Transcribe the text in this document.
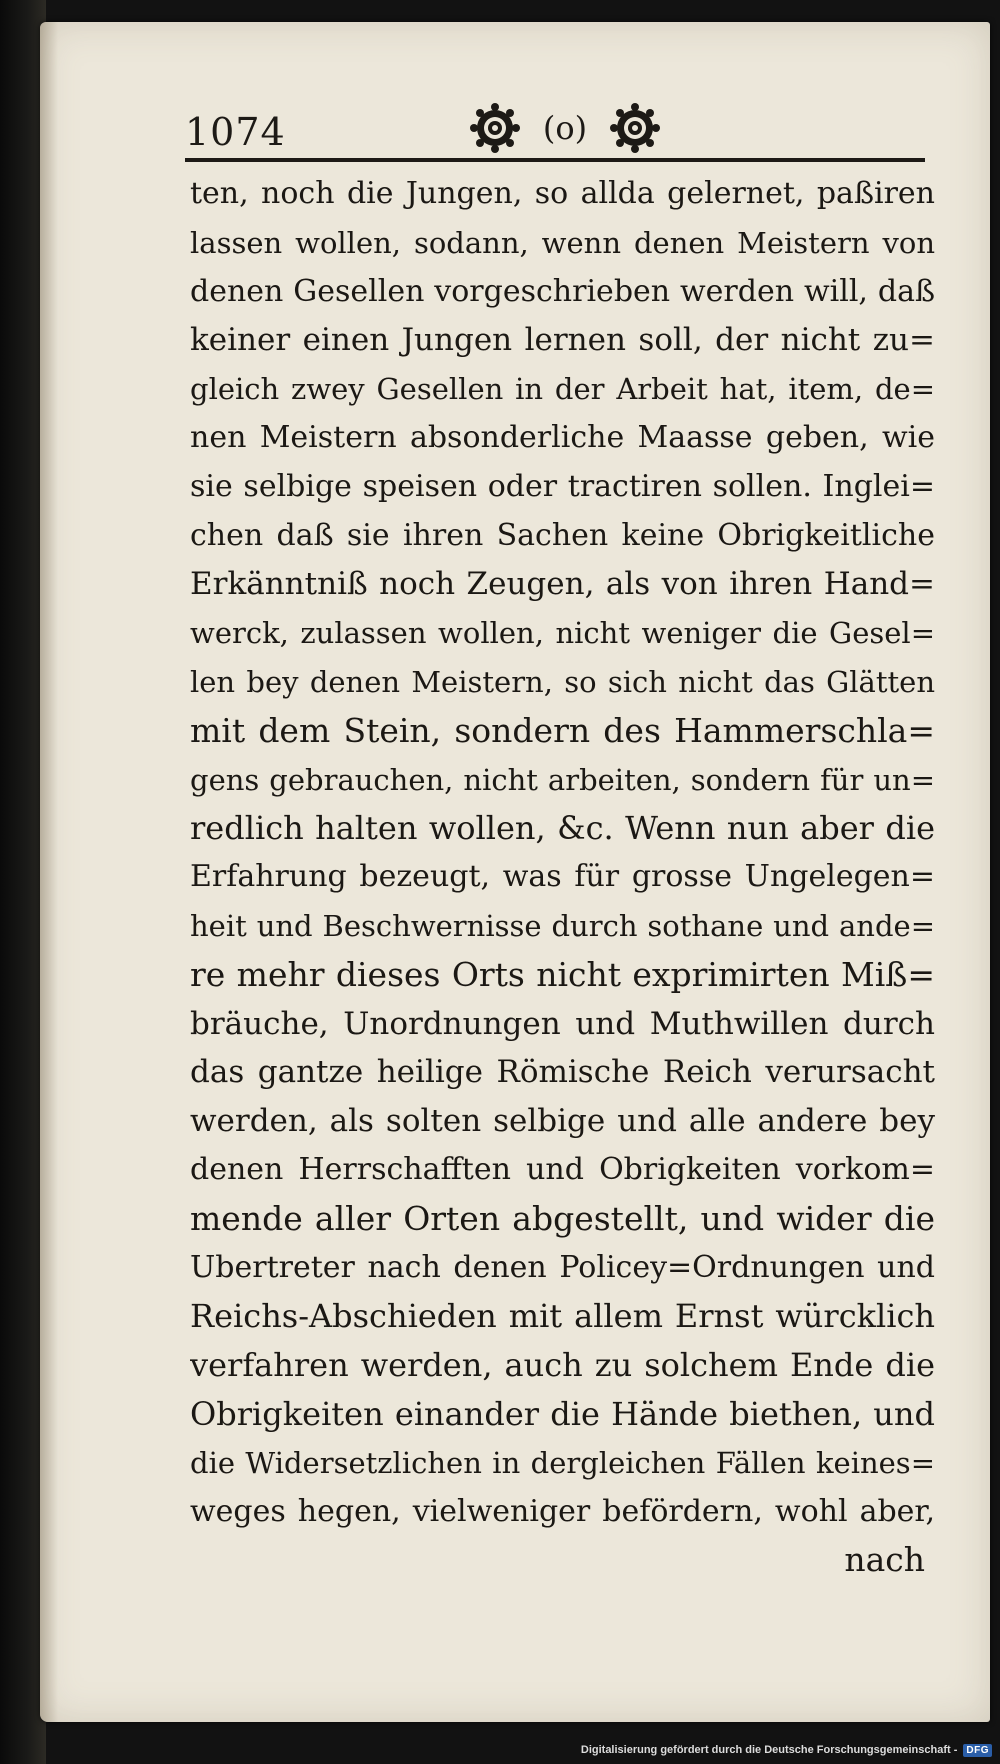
1074	(o)
ten, noch die Jungen, so allda gelernet, paßiren
lassen wollen, sodann, wenn denen Meistern von
denen Gesellen vorgeschrieben werden will, daß
keiner einen Jungen lernen soll, der nicht zu=
gleich zwey Gesellen in der Arbeit hat, item, de=
nen Meistern absonderliche Maasse geben, wie
sie selbige speisen oder tractiren sollen. Inglei=
chen daß sie ihren Sachen keine Obrigkeitliche
Erkänntniß noch Zeugen, als von ihren Hand=
werck, zulassen wollen, nicht weniger die Gesel=
len bey denen Meistern, so sich nicht das Glätten
mit dem Stein, sondern des Hammerschla=
gens gebrauchen, nicht arbeiten, sondern für un=
redlich halten wollen, &c. Wenn nun aber die
Erfahrung bezeugt, was für grosse Ungelegen=
heit und Beschwernisse durch sothane und ande=
re mehr dieses Orts nicht exprimirten Miß=
bräuche, Unordnungen und Muthwillen durch
das gantze heilige Römische Reich verursacht
werden, als solten selbige und alle andere bey
denen Herrschafften und Obrigkeiten vorkom=
mende aller Orten abgestellt, und wider die
Ubertreter nach denen Policey=Ordnungen und
Reichs-Abschieden mit allem Ernst würcklich
verfahren werden, auch zu solchem Ende die
Obrigkeiten einander die Hände biethen, und
die Widersetzlichen in dergleichen Fällen keines=
weges hegen, vielweniger befördern, wohl aber,
nach
Digitalisierung gefördert durch die Deutsche Forschungsgemeinschaft - DFG
